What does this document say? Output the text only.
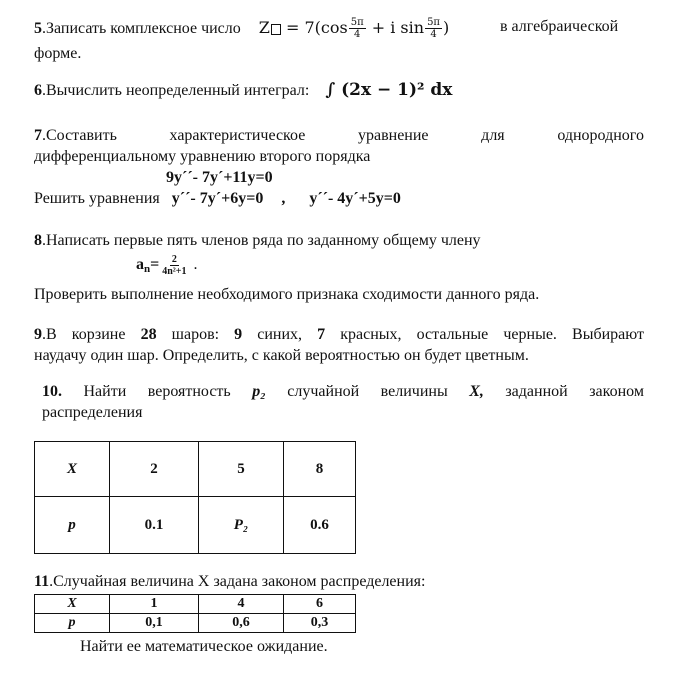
5.Записать комплексное число $Z = 7(\cos \frac{5\pi}{4} + i$ $\sin \frac{5\pi}{4}$ )	в алгебраической
форме.
6.Вычислить неопределенный интеграл: ∫ (2x − 1)² dx
7.Составить	характеристическое	уравнение	для	однородного
дифференциальному уравнению второго порядка
9y´´- 7y´+11y=0
Решить уравнения y´´- 7y´+6y=0 , y´´- 4y´+5y=0
8.Написать первые пять членов ряда по заданному общему члену
$a_n= \frac{2}{\text{4n²+1}}$ .
Проверить выполнение необходимого признака сходимости данного ряда.
9.В корзине 28 шаров: 9 синих, 7 красных, остальные черные. Выбирают
наудачу один шар. Определить, с какой вероятностью он будет цветным.
10. Найти вероятность p₂ случайной величины X, заданной законом
распределения
X	2	5	8
p	0.1	P₂	0.6
11.Случайная величина X задана законом распределения:
X	1	4	6
p	0,1	0,6	0,3
Найти ее математическое ожидание.
